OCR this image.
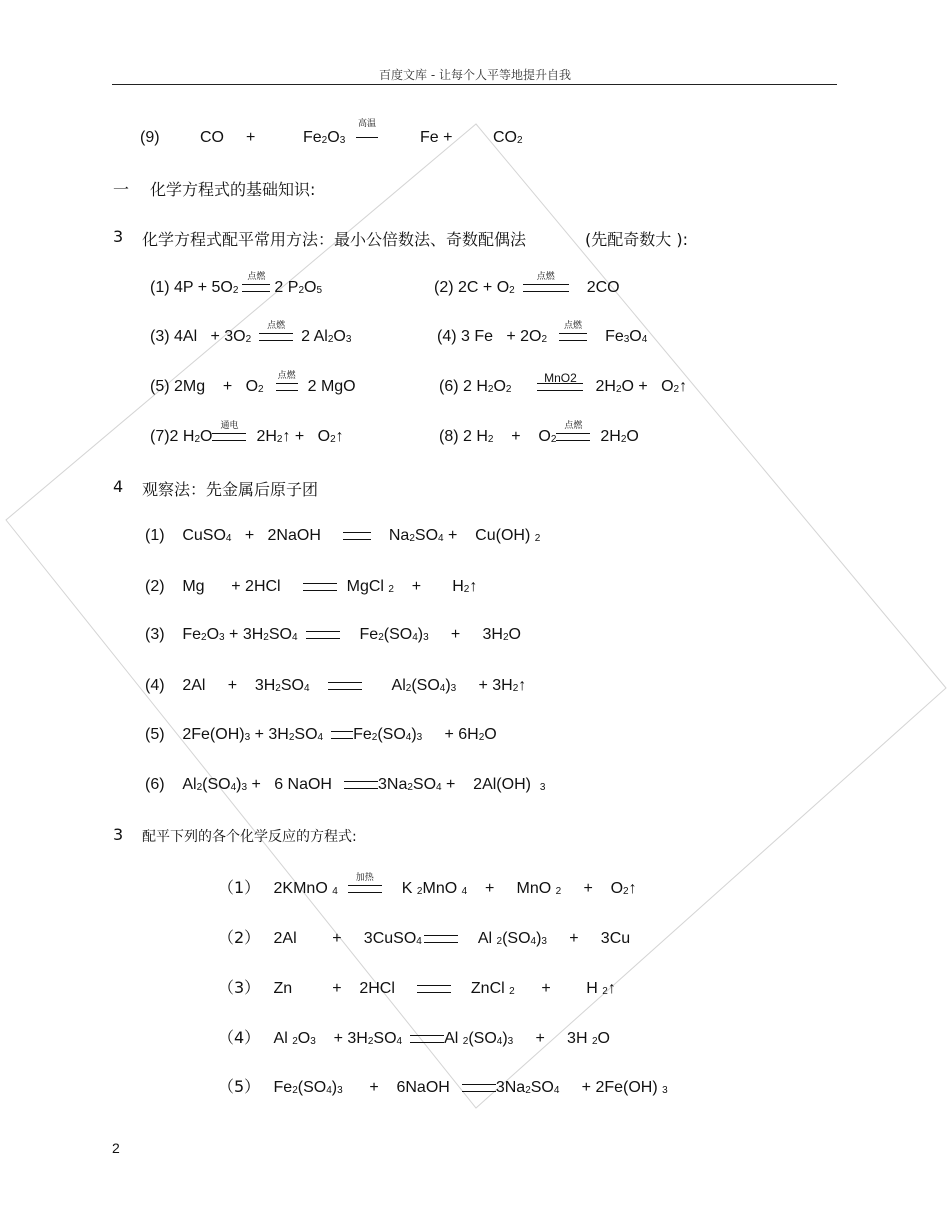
百度文库 - 让每个人平等地提升自我
(9)	CO +	$Fe_2O_3$
高温
Fe +	$CO_2$
一 化学方程式的基础知识:
3 化学方程式配平常用方法：最小公倍数法、奇数配偶法	(先配奇数大 ):
(1) $4P + 5O_2$
点燃
2 $P_2O_5$	(2) $2C + O_2$
点燃
2CO
(3) $4Al + 3O_2$
点燃
2 $Al_2O_3$	(4) 3 $Fe + 2O_2$
点燃
$Fe_3O_4$
(5) $2Mg + O_2$
点燃
2 MgO	(6) 2 $H_2O_2$
MnO2
$2H_2O$ + $O_2↑$
(7)2 $H_2O$
通电
$2H_2↑$ + $O_2↑$	(8) 2 $H_2 + O_2$
点燃
$2H_2O$
4 观察法：先金属后原子团
(1) CuSO$_4$ + 2NaOH	$Na_2SO_4 + Cu(OH)$ $_2$
(2) Mg + 2HCl	MgCl $_2 + H_2↑$
(3) $Fe_2O_3 + 3H_2SO_4$	$Fe_2(SO_4)_3 + 3H_2O$
(4) $2Al + 3H_2SO_4$	$Al_2(SO_4)_3$ + $3H_2↑$
(5) $2Fe(OH)_3 + 3H_2SO_4$ $Fe_2(SO_4)_3 + 6H_2O$
(6) $Al_2(SO_4)_3 + 6$ NaOH	$3Na_2SO_4 + 2Al(OH)$ $_3$
3 配平下列的各个化学反应的方程式:
（1） 2KMnO $_4$
加热
K $_2$MnO $_4$ + MnO $_2 + O_2↑$
（2） 2Al + 3CuSO$_4$	Al $_2(SO_4)_3 + 3Cu$
（3） Zn	+ 2HCl	ZnCl $_2$ + H $_2$↑
（4） Al $_2O_3 + 3H_2SO_4$	Al $_2(SO_4)_3 + 3H$ $_2$O
（5） $Fe_2(SO_4)_3$ + 6NaOH	$3Na_2SO_4 + 2Fe(OH)$ $_3$
2
